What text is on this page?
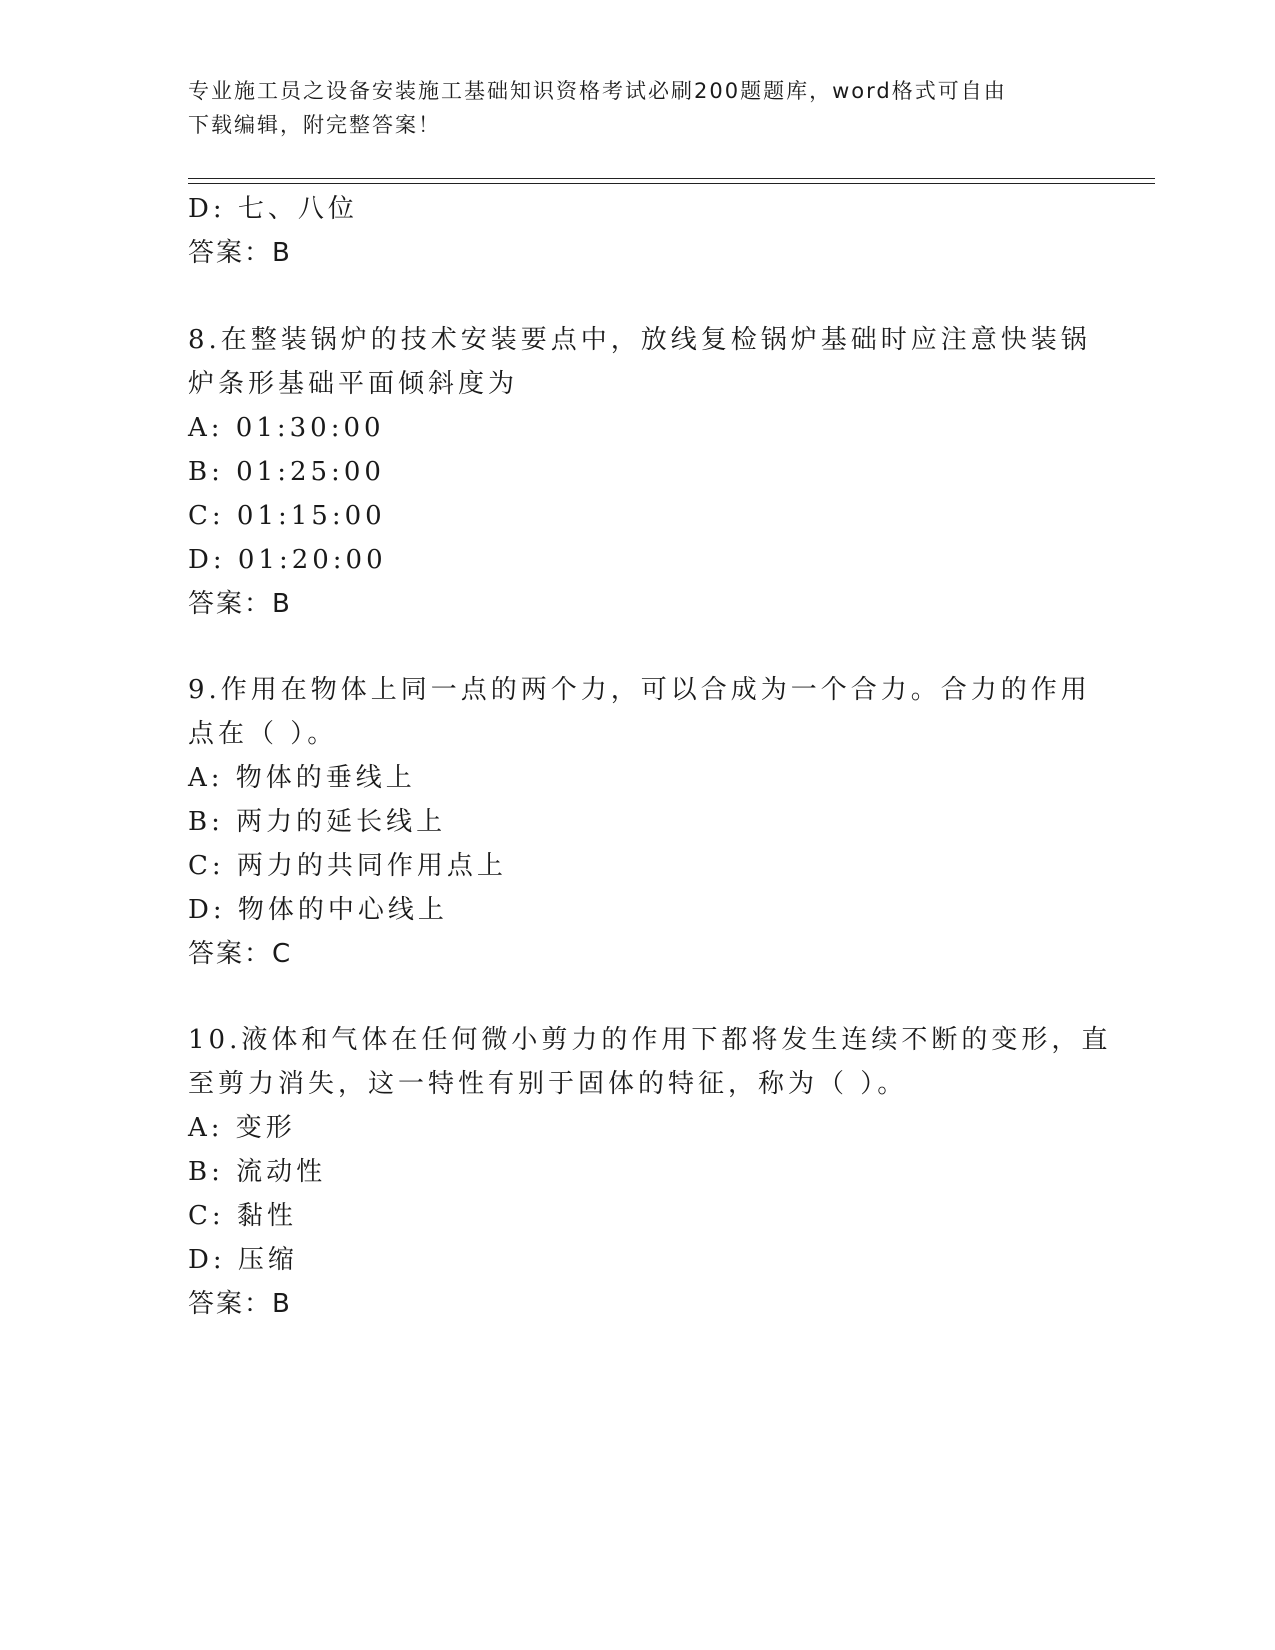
专业施工员之设备安装施工基础知识资格考试必刷200题题库，word格式可自由
下载编辑，附完整答案！
D: 七、八位
答案：B
8.在整装锅炉的技术安装要点中，放线复检锅炉基础时应注意快装锅
炉条形基础平面倾斜度为
A: 01:30:00
B: 01:25:00
C: 01:15:00
D: 01:20:00
答案：B
9.作用在物体上同一点的两个力，可以合成为一个合力。合力的作用
点在（ ）。
A: 物体的垂线上
B: 两力的延长线上
C: 两力的共同作用点上
D: 物体的中心线上
答案：C
10.液体和气体在任何微小剪力的作用下都将发生连续不断的变形，直
至剪力消失，这一特性有别于固体的特征，称为（ ）。
A: 变形
B: 流动性
C: 黏性
D: 压缩
答案：B
